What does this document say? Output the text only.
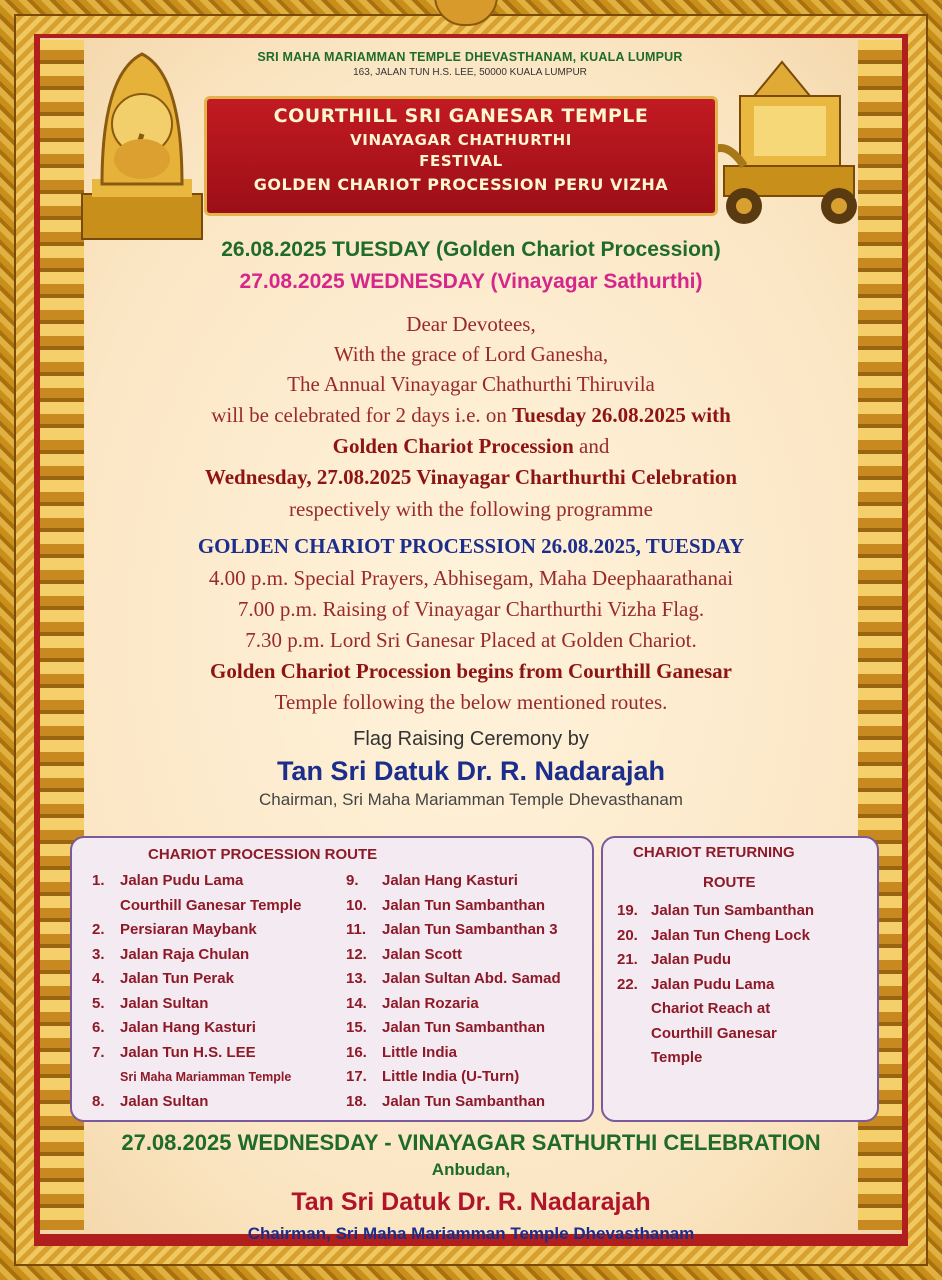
SRI MAHA MARIAMMAN TEMPLE DHEVASTHANAM, KUALA LUMPUR
163, JALAN TUN H.S. LEE, 50000 KUALA LUMPUR
COURTHILL SRI GANESAR TEMPLE
VINAYAGAR CHATHURTHI
FESTIVAL
GOLDEN CHARIOT PROCESSION PERU VIZHA
26.08.2025 TUESDAY (Golden Chariot Procession)
27.08.2025 WEDNESDAY (Vinayagar Sathurthi)
Dear Devotees,
With the grace of Lord Ganesha,
The Annual Vinayagar Chathurthi Thiruvila
will be celebrated for 2 days i.e. on Tuesday 26.08.2025 with
Golden Chariot Procession and
Wednesday, 27.08.2025 Vinayagar Charthurthi Celebration
respectively with the following programme
GOLDEN CHARIOT PROCESSION 26.08.2025, TUESDAY
4.00 p.m. Special Prayers, Abhisegam, Maha Deephaarathanai
7.00 p.m. Raising of Vinayagar Charthurthi Vizha Flag.
7.30 p.m. Lord Sri Ganesar Placed at Golden Chariot.
Golden Chariot Procession begins from Courthill Ganesar
Temple following the below mentioned routes.
Flag Raising Ceremony by
Tan Sri Datuk Dr. R. Nadarajah
Chairman, Sri Maha Mariamman Temple Dhevasthanam
CHARIOT PROCESSION ROUTE
1. Jalan Pudu Lama
Courthill Ganesar Temple
2. Persiaran Maybank
3. Jalan Raja Chulan
4. Jalan Tun Perak
5. Jalan Sultan
6. Jalan Hang Kasturi
7. Jalan Tun H.S. LEE
Sri Maha Mariamman Temple
8. Jalan Sultan
9. Jalan Hang Kasturi
10. Jalan Tun Sambanthan
11. Jalan Tun Sambanthan 3
12. Jalan Scott
13. Jalan Sultan Abd. Samad
14. Jalan Rozaria
15. Jalan Tun Sambanthan
16. Little India
17. Little India (U-Turn)
18. Jalan Tun Sambanthan
CHARIOT RETURNING
ROUTE
19. Jalan Tun Sambanthan
20. Jalan Tun Cheng Lock
21. Jalan Pudu
22. Jalan Pudu Lama
Chariot Reach at
Courthill Ganesar
Temple
27.08.2025 WEDNESDAY - VINAYAGAR SATHURTHI CELEBRATION
Anbudan,
Tan Sri Datuk Dr. R. Nadarajah
Chairman, Sri Maha Mariamman Temple Dhevasthanam
